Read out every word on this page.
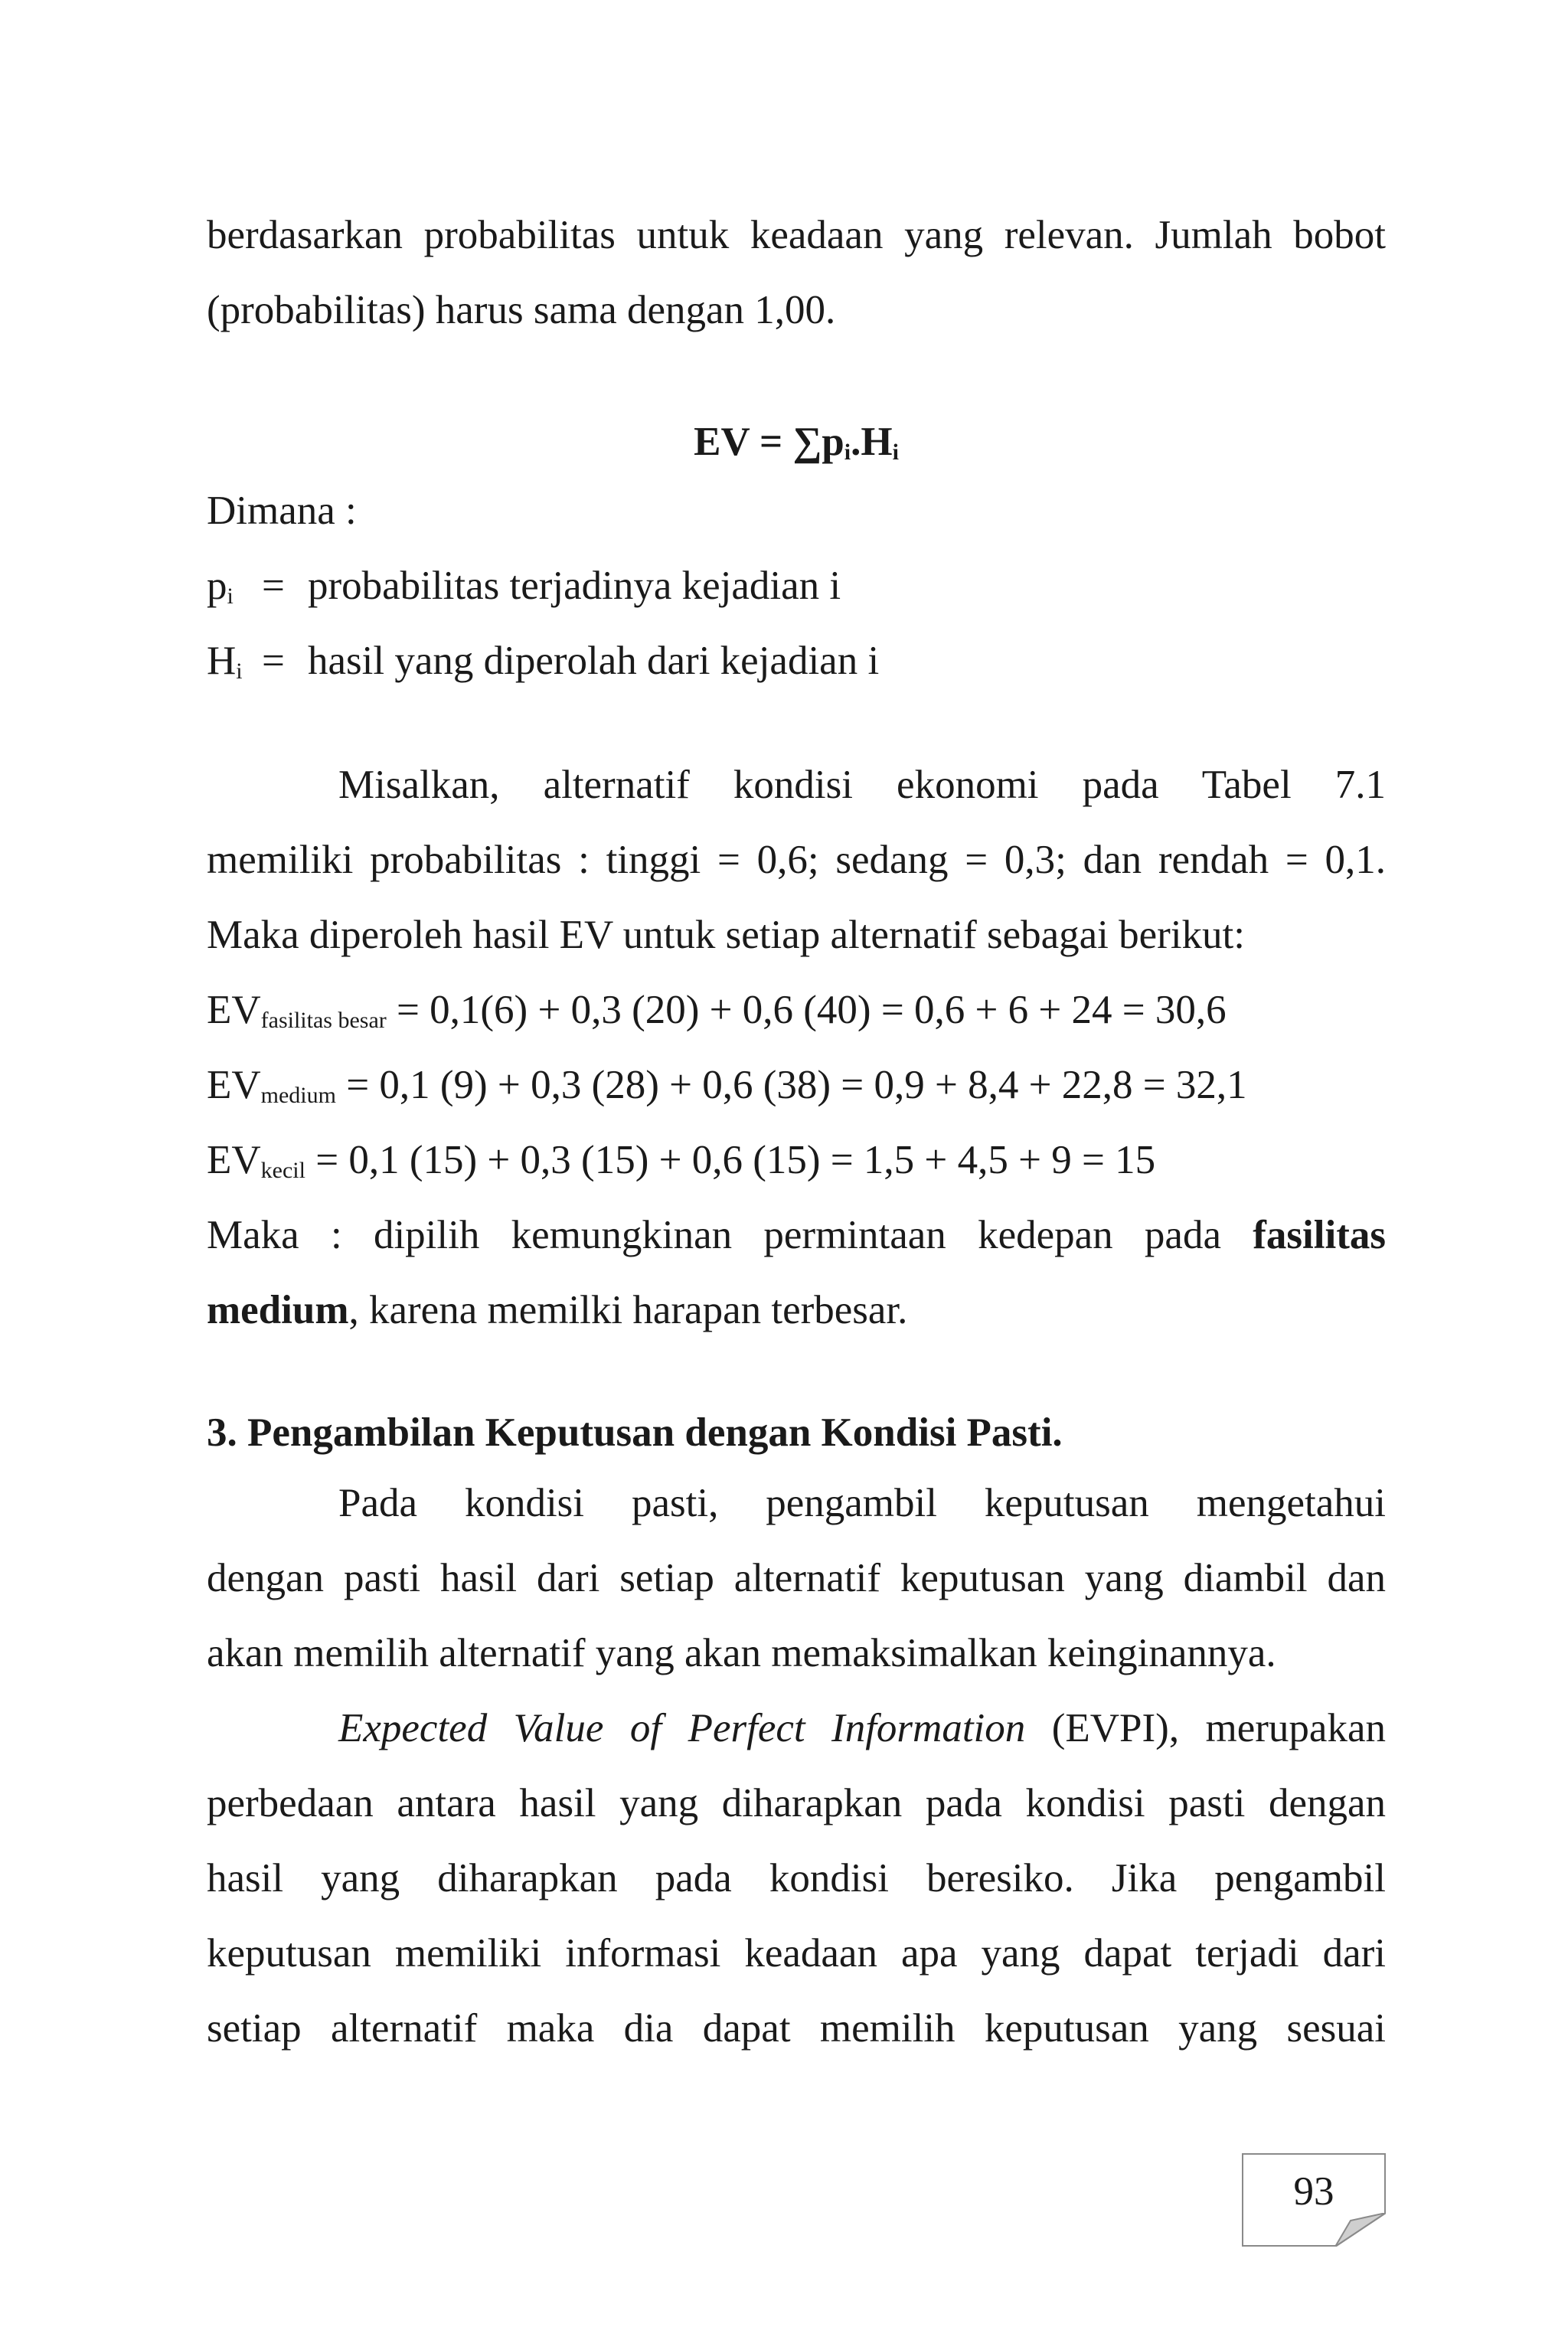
berdasarkan probabilitas untuk keadaan yang relevan. Jumlah bobot
(probabilitas) harus sama dengan 1,00.
EV = $\sum p_i.H_i$
Dimana :
$p_i$ = probabilitas terjadinya kejadian i
$H_i$ = hasil yang diperolah dari kejadian i
Misalkan, alternatif kondisi ekonomi pada Tabel 7.1
memiliki probabilitas : tinggi = 0,6; sedang = 0,3; dan rendah = 0,1.
Maka diperoleh hasil EV untuk setiap alternatif sebagai berikut:
$EV_{fasilitas besar} = 0,1(6) + 0,3$ (20) + 0,6 (40) = 0,6 + 6 + 24 = 30,6
$EV_{medium} = 0,1$ (9) + 0,3 (28) + 0,6 (38) = 0,9 + 8,4 + 22,8 = 32,1
$EV_{kecil} = 0,1$ (15) + 0,3 (15) + 0,6 (15) = 1,5 + 4,5 + 9 = 15
Maka : dipilih kemungkinan permintaan kedepan pada fasilitas
medium, karena memilki harapan terbesar.
3. Pengambilan Keputusan dengan Kondisi Pasti.
Pada kondisi pasti, pengambil keputusan mengetahui
dengan pasti hasil dari setiap alternatif keputusan yang diambil dan
akan memilih alternatif yang akan memaksimalkan keinginannya.
Expected Value of Perfect Information (EVPI), merupakan
perbedaan antara hasil yang diharapkan pada kondisi pasti dengan
hasil yang diharapkan pada kondisi beresiko. Jika pengambil
keputusan memiliki informasi keadaan apa yang dapat terjadi dari
setiap alternatif maka dia dapat memilih keputusan yang sesuai
93
